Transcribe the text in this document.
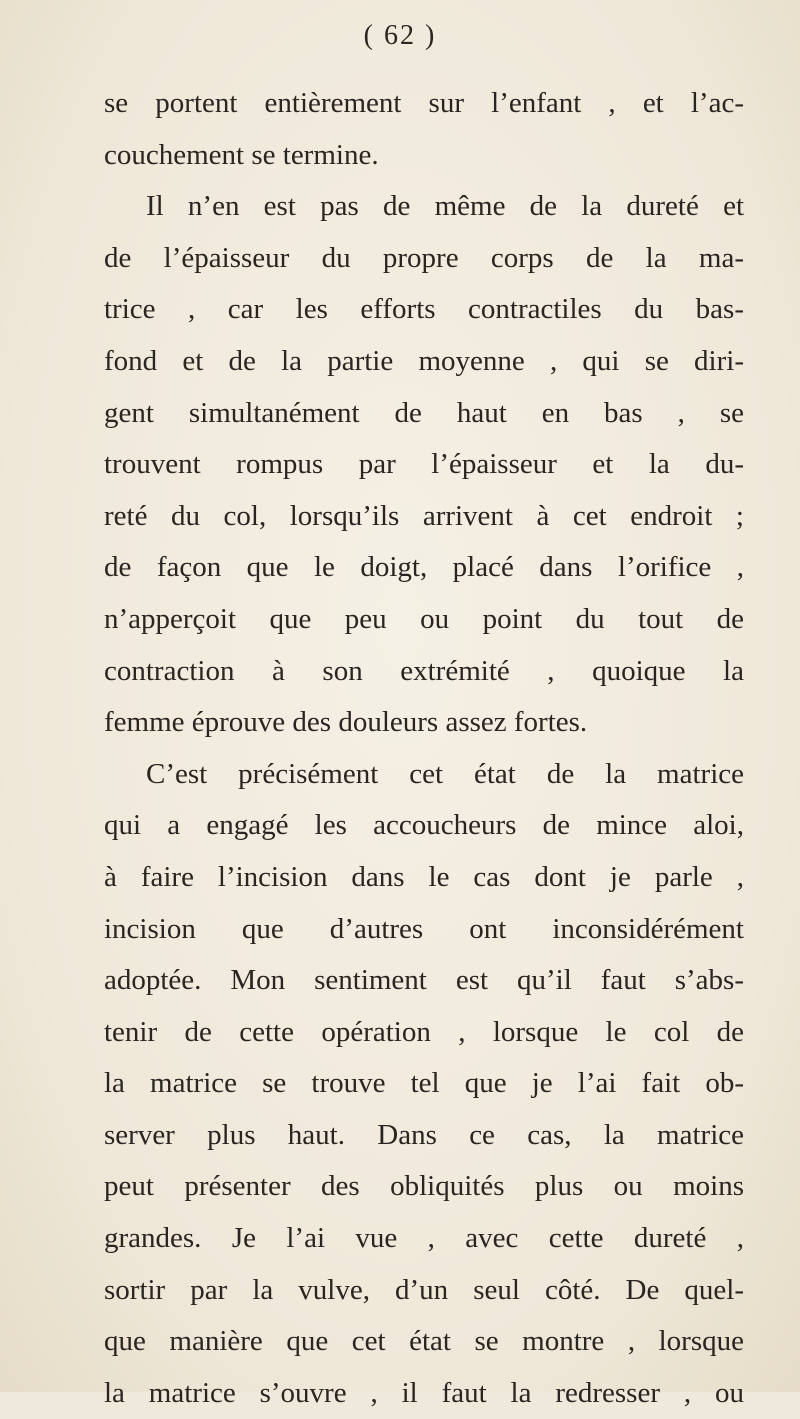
( 62 )
se portent entièrement sur l’enfant , et l’ac-
couchement se termine.
Il n’en est pas de même de la dureté et
de l’épaisseur du propre corps de la ma-
trice , car les efforts contractiles du bas-
fond et de la partie moyenne , qui se diri-
gent simultanément de haut en bas , se
trouvent rompus par l’épaisseur et la du-
reté du col, lorsqu’ils arrivent à cet endroit ;
de façon que le doigt, placé dans l’orifice ,
n’apperçoit que peu ou point du tout de
contraction à son extrémité , quoique la
femme éprouve des douleurs assez fortes.
C’est précisément cet état de la matrice
qui a engagé les accoucheurs de mince aloi,
à faire l’incision dans le cas dont je parle ,
incision que d’autres ont inconsidérément
adoptée. Mon sentiment est qu’il faut s’abs-
tenir de cette opération , lorsque le col de
la matrice se trouve tel que je l’ai fait ob-
server plus haut. Dans ce cas, la matrice
peut présenter des obliquités plus ou moins
grandes. Je l’ai vue , avec cette dureté ,
sortir par la vulve, d’un seul côté. De quel-
que manière que cet état se montre , lorsque
la matrice s’ouvre , il faut la redresser , ou
